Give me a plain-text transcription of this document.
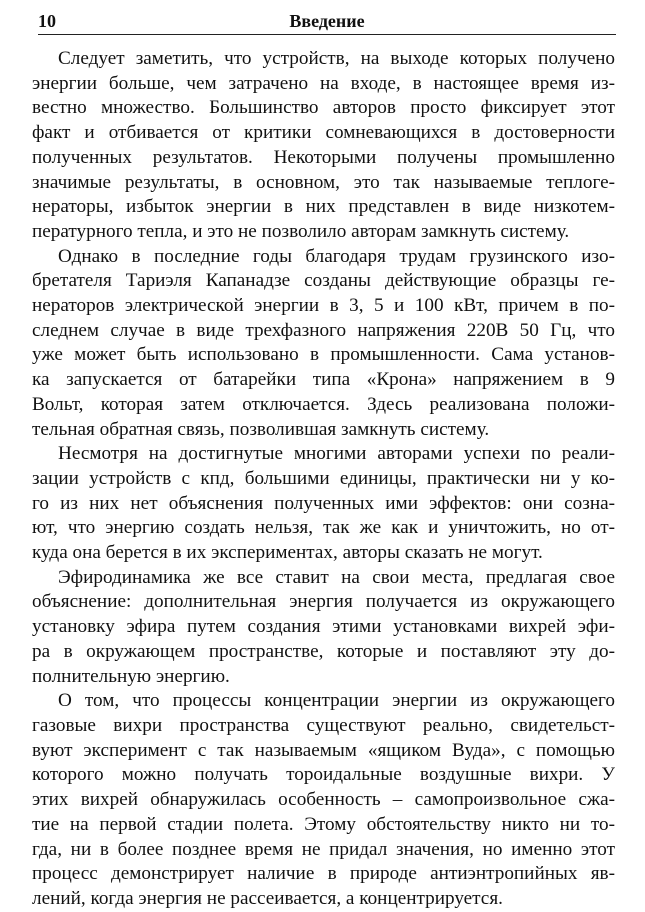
10	Введение

Следует заметить, что устройств, на выходе которых получено
энергии больше, чем затрачено на входе, в настоящее время из-
вестно множество. Большинство авторов просто фиксирует этот
факт и отбивается от критики сомневающихся в достоверности
полученных результатов. Некоторыми получены промышленно
значимые результаты, в основном, это так называемые теплоге-
нераторы, избыток энергии в них представлен в виде низкотем-
пературного тепла, и это не позволило авторам замкнуть систему.

Однако в последние годы благодаря трудам грузинского изо-
бретателя Тариэля Капанадзе созданы действующие образцы ге-
нераторов электрической энергии в 3, 5 и 100 кВт, причем в по-
следнем случае в виде трехфазного напряжения 220В 50 Гц, что
уже может быть использовано в промышленности. Сама установ-
ка запускается от батарейки типа «Крона» напряжением в 9
Вольт, которая затем отключается. Здесь реализована положи-
тельная обратная связь, позволившая замкнуть систему.

Несмотря на достигнутые многими авторами успехи по реали-
зации устройств с кпд, большими единицы, практически ни у ко-
го из них нет объяснения полученных ими эффектов: они созна-
ют, что энергию создать нельзя, так же как и уничтожить, но от-
куда она берется в их экспериментах, авторы сказать не могут.

Эфиродинамика же все ставит на свои места, предлагая свое
объяснение: дополнительная энергия получается из окружающего
установку эфира путем создания этими установками вихрей эфи-
ра в окружающем пространстве, которые и поставляют эту до-
полнительную энергию.

О том, что процессы концентрации энергии из окружающего
газовые вихри пространства существуют реально, свидетельст-
вуют эксперимент с так называемым «ящиком Вуда», с помощью
которого можно получать тороидальные воздушные вихри. У
этих вихрей обнаружилась особенность – самопроизвольное сжа-
тие на первой стадии полета. Этому обстоятельству никто ни то-
гда, ни в более позднее время не придал значения, но именно этот
процесс демонстрирует наличие в природе антиэнтропийных яв-
лений, когда энергия не рассеивается, а концентрируется.
